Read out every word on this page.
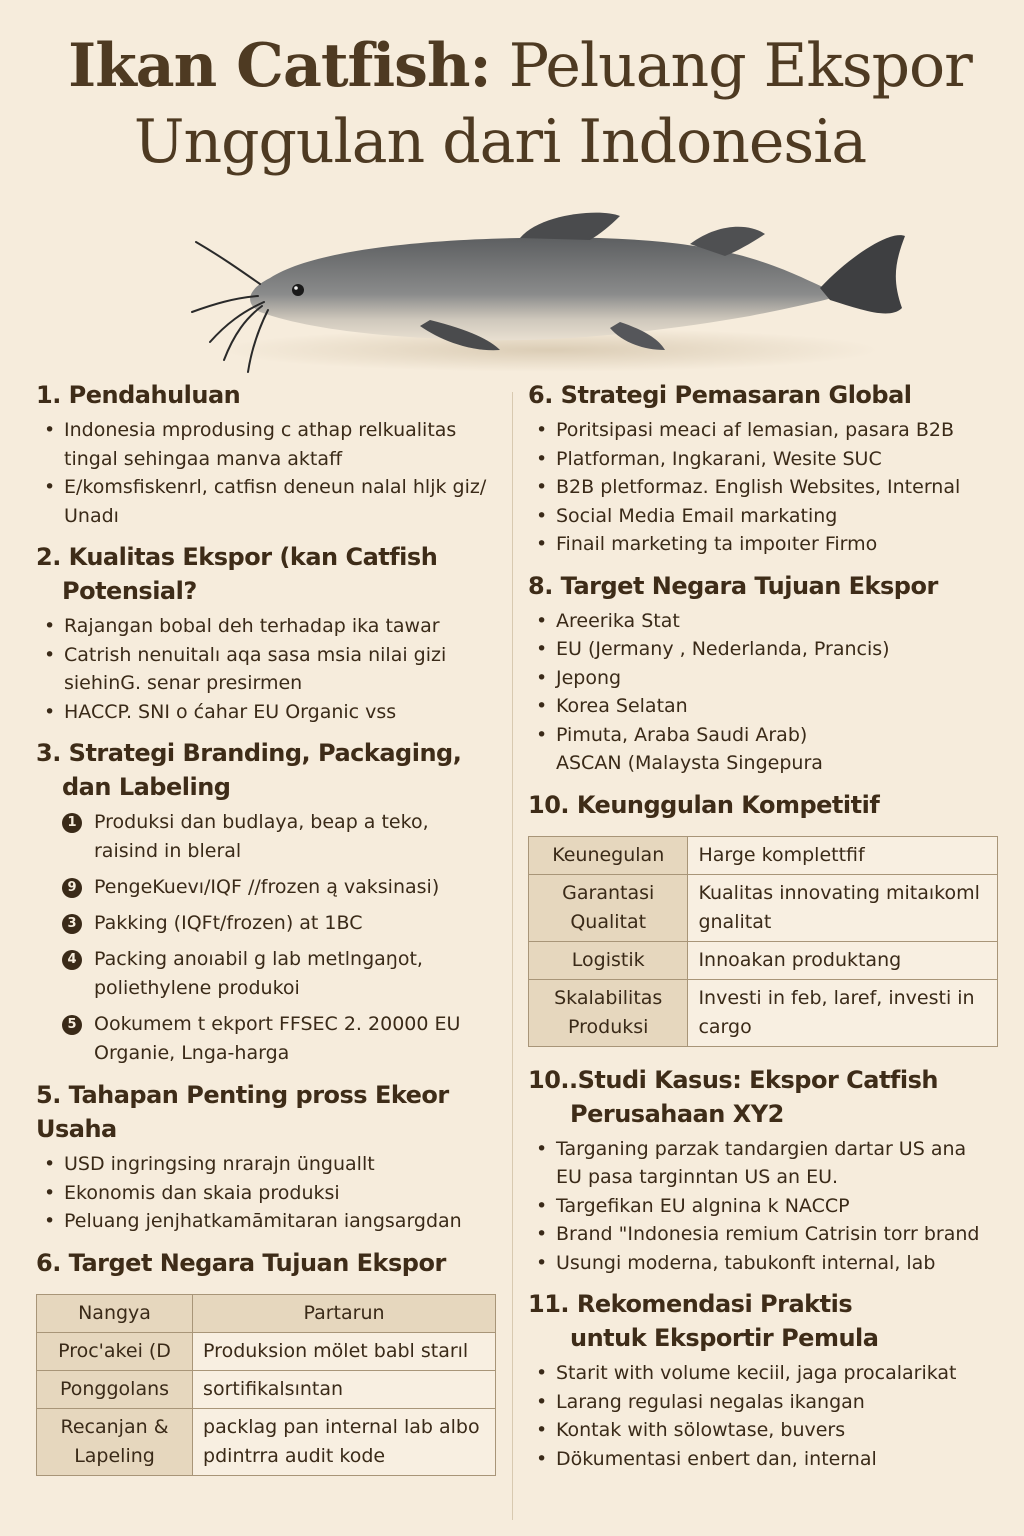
Ikan Catfish: Peluang Ekspor
Unggulan dari Indonesia
1. Pendahuluan
• Indonesia mprodusing c athap relkualitas tingal sehingaa manva aktaff
• E/komsfiskenrl, catfisn deneun nalal hljk giz/ Unadı
2. Kualitas Ekspor (kan Catfish
Potensial?
• Rajangan bobal deh terhadap ika tawar
• Catrish nenuitalı aqa sasa msia nilai gizi siehinG. senar presirmen
• HACCP. SNI o ćahar EU Organic vss
3. Strategi Branding, Packaging,
dan Labeling
1 Produksi dan budlaya, beap a teko, raisind in bleral
9 PengeKuevı/IQF //frozen ą vaksinasi)
3 Pakking (IQFt/frozen) at 1BC
4 Packing anoıabil g lab metlngaŋot, poliethylene produkoi
5 Ookumem t ekport FFSEC 2. 20000 EU Organie, Lnga-harga
5. Tahapan Penting pross Ekeor Usaha
• USD ingringsing nrarajn ünguallt
• Ekonomis dan skaia produksi
• Peluang jenjhatkamāmitaran iangsargdan
6. Target Negara Tujuan Ekspor
Nangya	Partarun
Proc'akei (D	Produksion mölet babl starıl
Ponggolans	sortifikalsıntan
Recanjan & Lapeling	packlag pan internal lab albo pdintrra audit kode
6. Strategi Pemasaran Global
• Poritsipasi meaci af lemasian, pasara B2B
• Platforman, Ingkarani, Wesite SUC
• B2B pletformaz. English Websites, Internal
• Social Media Email markating
• Finail marketing ta impoıter Firmo
8. Target Negara Tujuan Ekspor
• Areerika Stat
• EU (Jermany , Nederlanda, Prancis)
• Jepong
• Korea Selatan
• Pimuta, Araba Saudi Arab)
ASCAN (Malaysta Singepura
10. Keunggulan Kompetitif
Keunegulan	Harge komplettfif
Garantasi Qualitat	Kualitas innovating mitaıkoml gnalitat
Logistik	Innoakan produktang
Skalabilitas Produksi	Investi in feb, laref, investi in cargo
10..Studi Kasus: Ekspor Catfish
Perusahaan XY2
• Targaning parzak tandargien dartar US ana EU pasa targinntan US an EU.
• Targefikan EU algnina k NACCP
• Brand "Indonesia remium Catrisin torr brand
• Usungi moderna, tabukonft internal, lab
11. Rekomendasi Praktis
untuk Eksportir Pemula
• Starit with volume keciil, jaga procalarikat
• Larang regulasi negalas ikangan
• Kontak with sölowtase, buvers
• Dökumentasi enbert dan, internal
